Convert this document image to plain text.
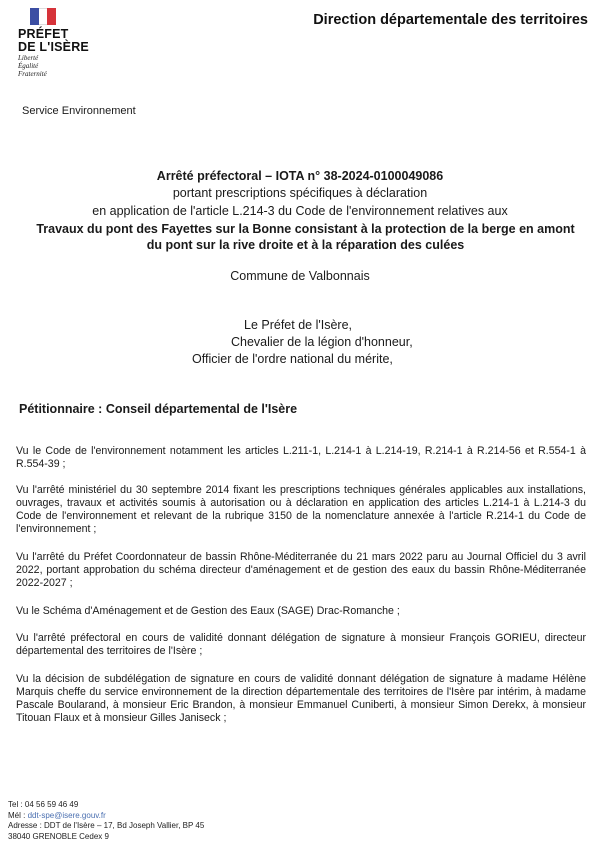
PRÉFET
DE L'ISÈRE
Liberté
Égalité
Fraternité
Direction départementale des territoires
Service Environnement
Arrêté préfectoral – IOTA n° 38-2024-0100049086
portant prescriptions spécifiques à déclaration
en application de l'article L.214-3 du Code de l'environnement relatives aux
Travaux du pont des Fayettes sur la Bonne consistant à la protection de la berge en amont du pont sur la rive droite et à la réparation des culées
Commune de Valbonnais
Le Préfet de l'Isère,
Chevalier de la légion d'honneur,
Officier de l'ordre national du mérite,
Pétitionnaire : Conseil départemental de l'Isère
Vu le Code de l'environnement notamment les articles L.211-1, L.214-1 à L.214-19, R.214-1 à R.214-56 et R.554-1 à R.554-39 ;
Vu l'arrêté ministériel du 30 septembre 2014 fixant les prescriptions techniques générales applicables aux installations, ouvrages, travaux et activités soumis à autorisation ou à déclaration en application des articles L.214-1 à L.214-3 du Code de l'environnement et relevant de la rubrique 3150 de la nomenclature annexée à l'article R.214-1 du Code de l'environnement ;
Vu l'arrêté du Préfet Coordonnateur de bassin Rhône-Méditerranée du 21 mars 2022 paru au Journal Officiel du 3 avril 2022, portant approbation du schéma directeur d'aménagement et de gestion des eaux du bassin Rhône-Méditerranée 2022-2027 ;
Vu le Schéma d'Aménagement et de Gestion des Eaux (SAGE) Drac-Romanche ;
Vu l'arrêté préfectoral en cours de validité donnant délégation de signature à monsieur François GORIEU, directeur départemental des territoires de l'Isère ;
Vu la décision de subdélégation de signature en cours de validité donnant délégation de signature à madame Hélène Marquis cheffe du service environnement de la direction départementale des territoires de l'Isère par intérim, à madame Pascale Boularand, à monsieur Eric Brandon, à monsieur Emmanuel Cuniberti, à monsieur Simon Derekx, à monsieur Titouan Flaux et à monsieur Gilles Janiseck ;
Tel : 04 56 59 46 49
Mél : ddt-spe@isere.gouv.fr
Adresse : DDT de l'Isère – 17, Bd Joseph Vallier, BP 45
38040 GRENOBLE Cedex 9
